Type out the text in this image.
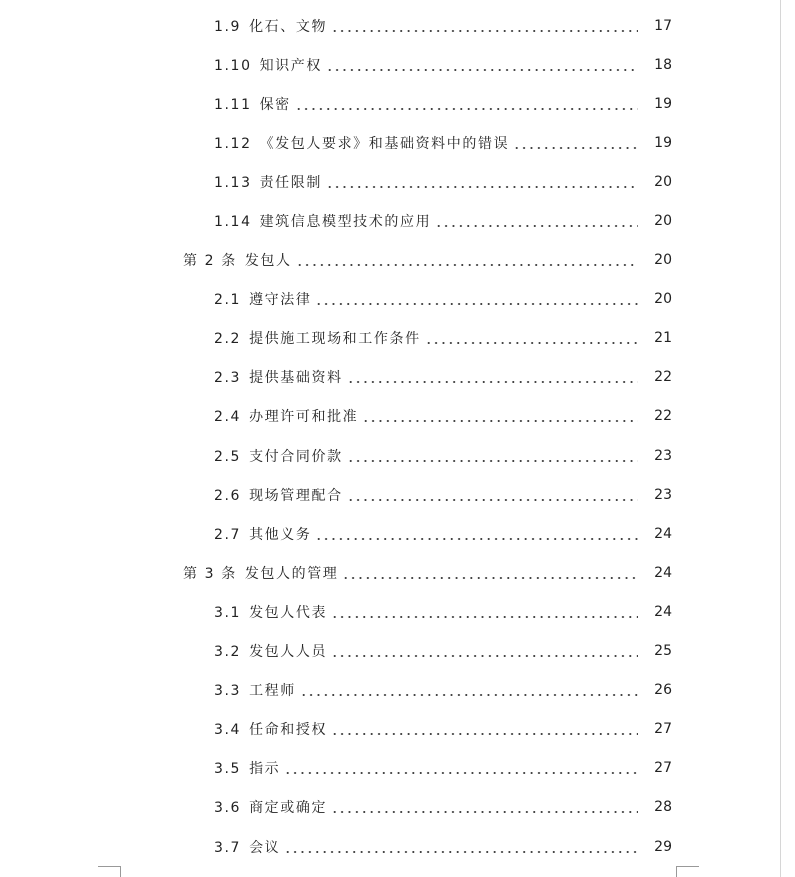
1.9 化石、文物	17
1.10 知识产权	18
1.11 保密	19
1.12 《发包人要求》和基础资料中的错误	19
1.13 责任限制	20
1.14 建筑信息模型技术的应用	20
第 2 条 发包人	20
2.1 遵守法律	20
2.2 提供施工现场和工作条件	21
2.3 提供基础资料	22
2.4 办理许可和批准	22
2.5 支付合同价款	23
2.6 现场管理配合	23
2.7 其他义务	24
第 3 条 发包人的管理	24
3.1 发包人代表	24
3.2 发包人人员	25
3.3 工程师	26
3.4 任命和授权	27
3.5 指示	27
3.6 商定或确定	28
3.7 会议	29
